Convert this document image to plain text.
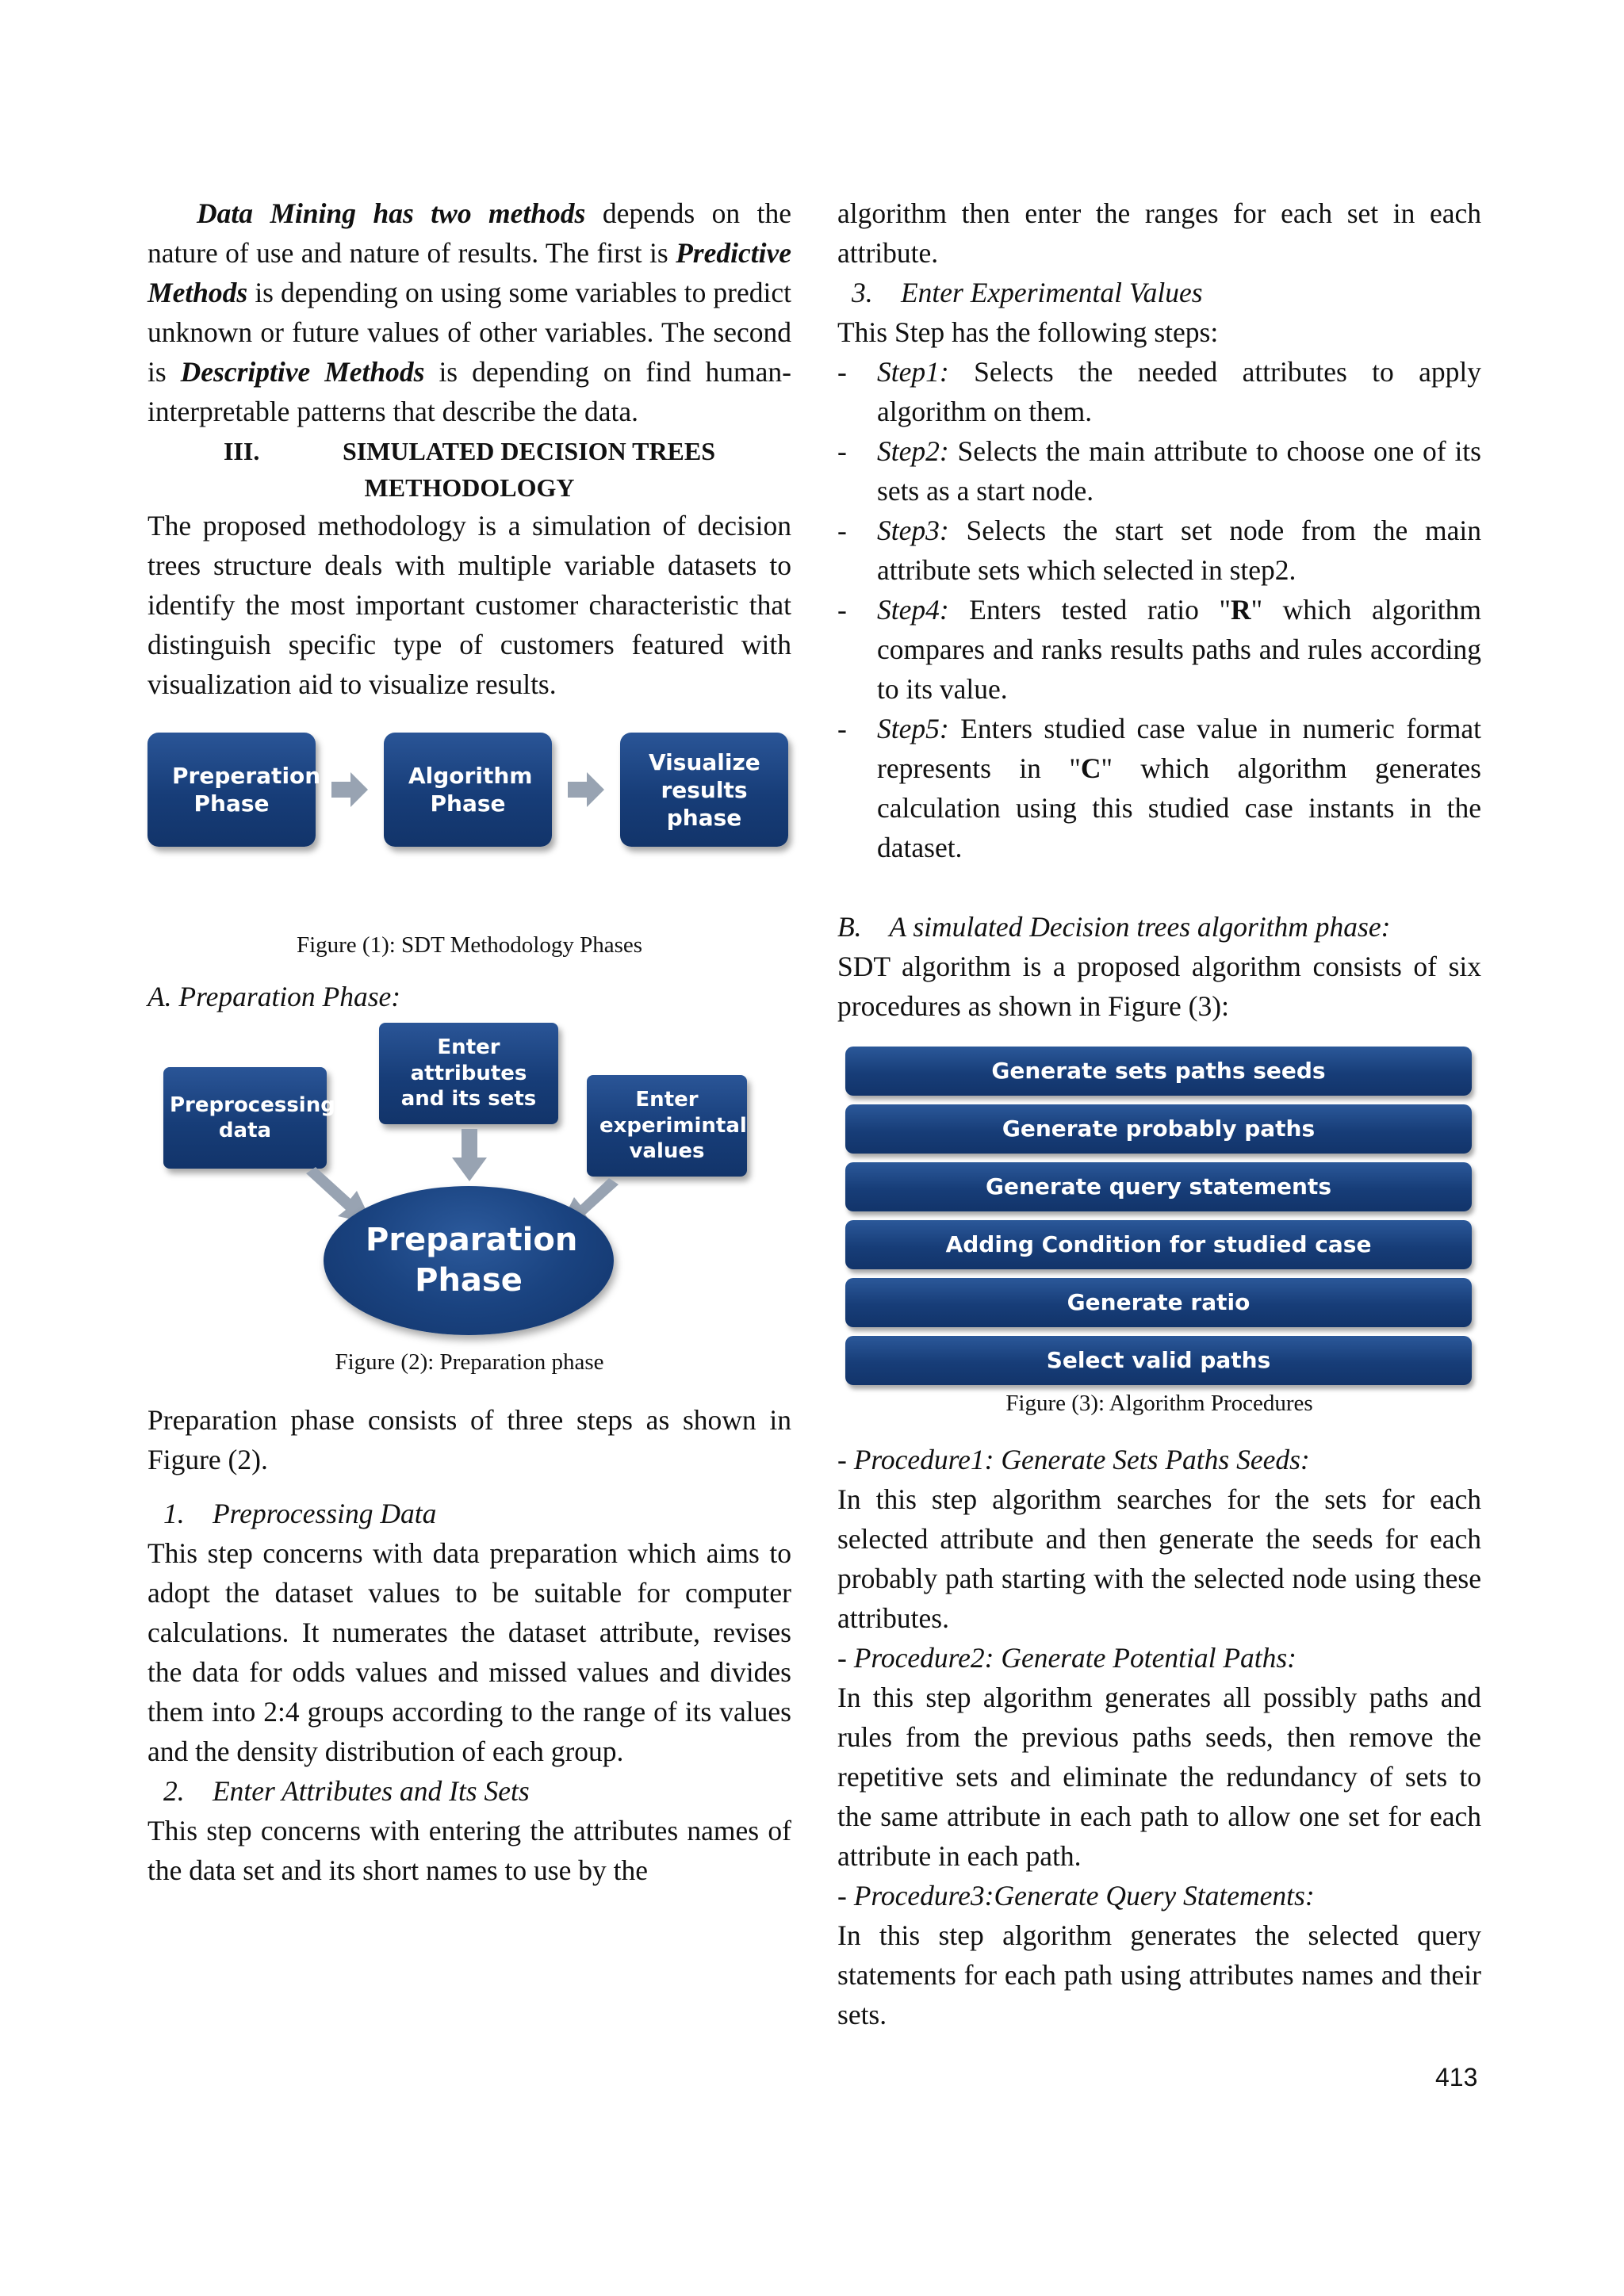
Data Mining has two methods depends on the nature of use and nature of results. The first is Predictive Methods is depending on using some variables to predict unknown or future values of other variables. The second is Descriptive Methods is depending on find human-interpretable patterns that describe the data.

III.	SIMULATED DECISION TREES
METHODOLOGY

The proposed methodology is a simulation of decision trees structure deals with multiple variable datasets to identify the most important customer characteristic that distinguish specific type of customers featured with visualization aid to visualize results.

Preperation Phase
Algorithm Phase
Visualize results phase
Figure (1): SDT Methodology Phases
A. Preparation Phase:
Preprocessing data
Enter attributes and its sets	Enter experimintal values
Preparation Phase
Figure (2): Preparation phase

Preparation phase consists of three steps as shown in Figure (2).

1. Preprocessing Data

This step concerns with data preparation which aims to adopt the dataset values to be suitable for computer calculations. It numerates the dataset attribute, revises the data for odds values and missed values and divides them into 2:4 groups according to the range of its values and the density distribution of each group.

2. Enter Attributes and Its Sets

This step concerns with entering the attributes names of the data set and its short names to use by the

algorithm then enter the ranges for each set in each attribute.

3. Enter Experimental Values

This Step has the following steps:

- Step1: Selects the needed attributes to apply algorithm on them.
- Step2: Selects the main attribute to choose one of its sets as a start node.
- Step3: Selects the start set node from the main attribute sets which selected in step2.
- Step4: Enters tested ratio "R" which algorithm compares and ranks results paths and rules according to its value.
- Step5: Enters studied case value in numeric format represents in "C" which algorithm generates calculation using this studied case instants in the dataset.
B.    A simulated Decision trees algorithm phase:

SDT algorithm is a proposed algorithm consists of six procedures as shown in Figure (3):

Generate sets paths seeds
Generate probably paths
Generate query statements
Adding Condition for studied case
Generate ratio
Select valid paths
Figure (3): Algorithm Procedures
- Procedure1: Generate Sets Paths Seeds:

In this step algorithm searches for the sets for each selected attribute and then generate the seeds for each probably path starting with the selected node using these attributes.

- Procedure2: Generate Potential Paths:

In this step algorithm generates all possibly paths and rules from the previous paths seeds, then remove the repetitive sets and eliminate the redundancy of sets to the same attribute in each path to allow one set for each attribute in each path.

- Procedure3:Generate Query Statements:

In this step algorithm generates the selected query statements for each path using attributes names and their sets.

413
